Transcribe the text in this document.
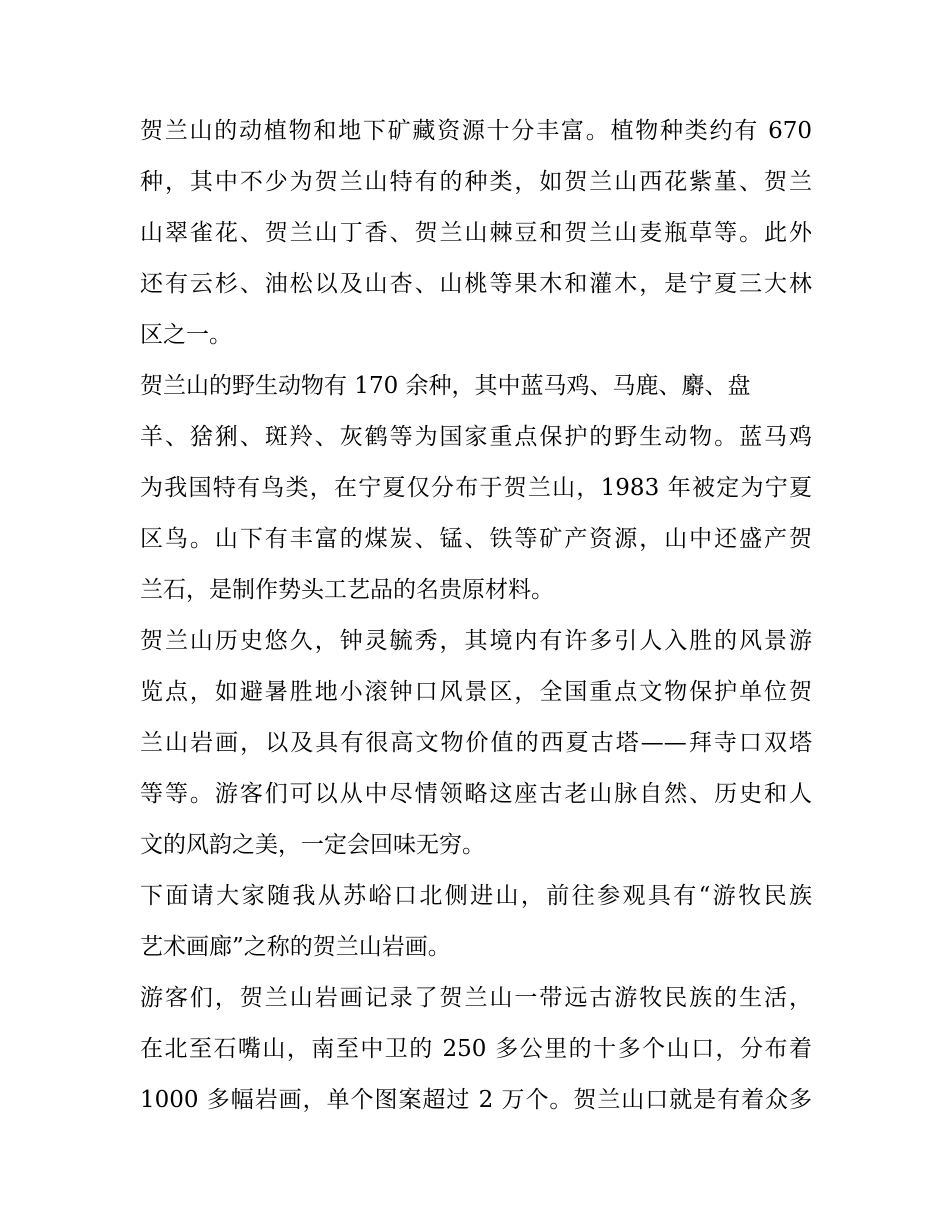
贺兰山的动植物和地下矿藏资源十分丰富。植物种类约有 670
种，其中不少为贺兰山特有的种类，如贺兰山西花紫堇、贺兰
山翠雀花、贺兰山丁香、贺兰山棘豆和贺兰山麦瓶草等。此外
还有云杉、油松以及山杏、山桃等果木和灌木，是宁夏三大林
区之一。
贺兰山的野生动物有 170 余种，其中蓝马鸡、马鹿、麝、盘
羊、猞猁、斑羚、灰鹤等为国家重点保护的野生动物。蓝马鸡
为我国特有鸟类，在宁夏仅分布于贺兰山，1983 年被定为宁夏
区鸟。山下有丰富的煤炭、锰、铁等矿产资源，山中还盛产贺
兰石，是制作势头工艺品的名贵原材料。
贺兰山历史悠久，钟灵毓秀，其境内有许多引人入胜的风景游
览点，如避暑胜地小滚钟口风景区，全国重点文物保护单位贺
兰山岩画，以及具有很高文物价值的西夏古塔——拜寺口双塔
等等。游客们可以从中尽情领略这座古老山脉自然、历史和人
文的风韵之美，一定会回味无穷。
下面请大家随我从苏峪口北侧进山，前往参观具有“游牧民族
艺术画廊”之称的贺兰山岩画。
游客们，贺兰山岩画记录了贺兰山一带远古游牧民族的生活，
在北至石嘴山，南至中卫的 250 多公里的十多个山口，分布着
1000 多幅岩画，单个图案超过 2 万个。贺兰山口就是有着众多
